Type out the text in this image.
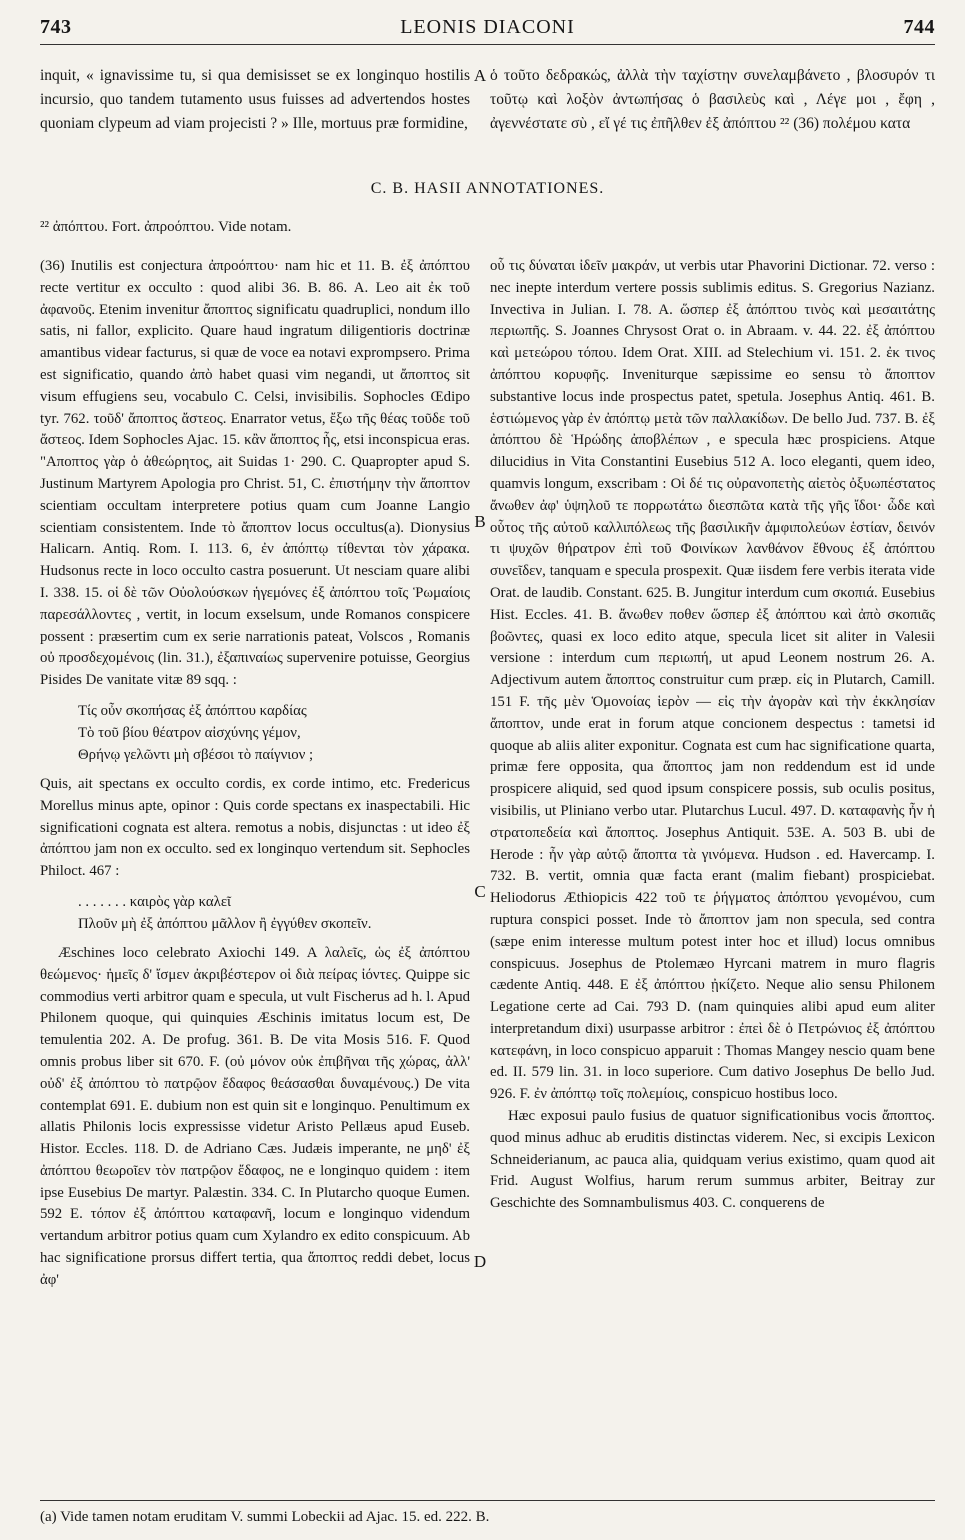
743	LEONIS DIACONI	744
inquit, « ignavissime tu, si qua demisisset se ex longinquo hostilis incursio, quo tandem tutamento usus fuisses ad advertendos hostes quoniam clypeum ad viam projecisti ? » Ille, mortuus præ formidine,
A ὁ τοῦτο δεδρακώς, ἀλλὰ τὴν ταχίστην συνελαμβάνετο , βλοσυρόν τι τοῦτῳ καὶ λοξὸν ἀντωπήσας ὁ βασιλεὺς καὶ , Λέγε μοι , ἔφη , ἀγεννέστατε σὺ , εἴ γέ τις ἐπῆλθεν ἐξ ἀπόπτου ²² (36) πολέμου κατα
C. B. HASII ANNOTATIONES.
²² ἀπόπτου. Fort. ἀπροόπτου. Vide notam.

(36) Inutilis est conjectura ἀπροόπτου· nam hic et 11. B. ἐξ ἀπόπτου recte vertitur ex occulto : quod alibi 36. B. 86. A. Leo ait ἐκ τοῦ ἀφανοῦς. Etenim invenitur ἄποπτος significatu quadruplici, nondum illo satis, ni fallor, explicito. Quare haud ingratum diligentioris doctrinæ amantibus videar facturus, si quæ de voce ea notavi exprompsero. Prima est significatio, quando ἀπὸ habet quasi vim negandi, ut ἄποπτος sit visum effugiens seu, vocabulo C. Celsi, invisibilis. Sophocles Œdipo tyr. 762. τοῦδ' ἄποπτος ἄστεος. Enarrator vetus, ἔξω τῆς θέας τοῦδε τοῦ ἄστεος. Idem Sophocles Ajac. 15. κἂν ἄποπτος ἧς, etsi inconspicua eras. "Αποπτος γὰρ ὁ ἀθεώρητος, ait Suidas 1· 290. C. Quapropter apud S. Justinum Martyrem Apologia pro Christ. 51, C. ἐπιστήμην τὴν ἄποπτον scientiam occultam interpretere potius quam cum Joanne Langio scientiam consistentem. Inde τὸ ἄποπτον locus occultus(a). Dionysius Halicarn. Antiq. Rom. I. 113. 6, ἐν ἀπόπτῳ τίθενται τὸν χάρακα. Hudsonus recte in loco occulto castra posuerunt. Ut nesciam quare alibi I. 338. 15. οἱ δὲ τῶν Οὐολούσκων ἡγεμόνες ἐξ ἀπόπτου τοῖς Ῥωμαίοις παρεσάλλοντες , vertit, in locum exselsum, unde Romanos conspicere possent : præsertim cum ex serie narrationis pateat, Volscos , Romanis οὐ προσδεχομένοις (lin. 31.), ἐξαπιναίως supervenire potuisse, Georgius Pisides De vanitate vitæ 89 sqq. :

Τίς οὖν σκοπήσας ἐξ ἀπόπτου καρδίας
Τὸ τοῦ βίου θέατρον αἰσχύνης γέμον,
Θρήνῳ γελῶντι μὴ σβέσοι τὸ παίγνιον ;

Quis, ait spectans ex occulto cordis, ex corde intimo, etc. Fredericus Morellus minus apte, opinor : Quis corde spectans ex inaspectabili. Hic significationi cognata est altera. remotus a nobis, disjunctas : ut ideo ἐξ ἀπόπτου jam non ex occulto. sed ex longinquo vertendum sit. Sephocles Philoct. 467 :

. . . . . . . καιρὸς γὰρ καλεῖ
Πλοῦν μὴ ἐξ ἀπόπτου μᾶλλον ἢ ἐγγύθεν σκοπεῖν.

Æschines loco celebrato Axiochi 149. A λαλεῖς, ὡς ἐξ ἀπόπτου θεώμενος· ἡμεῖς δ' ἴσμεν ἀκριβέστερον οἱ διὰ πείρας ἰόντες. Quippe sic commodius verti arbitror quam e specula, ut vult Fischerus ad h. l. Apud Philonem quoque, qui quinquies Æschinis imitatus locum est, De temulentia 202. A. De profug. 361. B. De vita Mosis 516. F. Quod omnis probus liber sit 670. F. (οὐ μόνον οὐκ ἐπιβῆναι τῆς χώρας, ἀλλ' οὐδ' ἐξ ἀπόπτου τὸ πατρῷον ἔδαφος θεάσασθαι δυναμένους.) De vita contemplat 691. E. dubium non est quin sit e longinquo. Penultimum ex allatis Philonis locis expressisse videtur Aristo Pellæus apud Euseb. Histor. Eccles. 118. D. de Adriano Cæs. Judæis imperante, ne μηδ' ἐξ ἀπόπτου θεωροῖεν τὸν πατρῷον ἔδαφος, ne e longinquo quidem : item ipse Eusebius De martyr. Palæstin. 334. C. In Plutarcho quoque Eumen. 592 E. τόπον ἐξ ἀπόπτου καταφανῆ, locum e longinquo videndum vertandum arbitror potius quam cum Xylandro ex edito conspicuum. Ab hac significatione prorsus differt tertia, qua ἄποπτος reddi debet, locus ἀφ'

B
C
D

οὗ τις δύναται ἰδεῖν μακράν, ut verbis utar Phavorini Dictionar. 72. verso : nec inepte interdum vertere possis sublimis editus. S. Gregorius Nazianz. Invectiva in Julian. I. 78. A. ὥσπερ ἐξ ἀπόπτου τινὸς καὶ μεσαιτάτης περιωπῆς. S. Joannes Chrysost Orat o. in Abraam. v. 44. 22. ἐξ ἀπόπτου καὶ μετεώρου τόπου. Idem Orat. XIII. ad Stelechium vi. 151. 2. ἐκ τινος ἀπόπτου κορυφῆς. Inveniturque sæpissime eo sensu τὸ ἄποπτον substantive locus inde prospectus patet, spetula. Josephus Antiq. 461. B. ἑστιώμενος γὰρ ἐν ἀπόπτῳ μετὰ τῶν παλλακίδων. De bello Jud. 737. B. ἐξ ἀπόπτου δὲ Ἡρώδης ἀποβλέπων , e specula hæc prospiciens. Atque dilucidius in Vita Constantini Eusebius 512 A. loco eleganti, quem ideo, quamvis longum, exscribam : Οἱ δέ τις οὐρανοπετὴς αἰετὸς ὀξυωπέστατος ἄνωθεν ἀφ' ὑψηλοῦ τε πορρωτάτω διεσπῶτα κατὰ τῆς γῆς ἴδοι· ὧδε καὶ οὗτος τῆς αὐτοῦ καλλιπόλεως τῆς βασιλικῆν ἀμφιπολεύων ἑστίαν, δεινόν τι ψυχῶν θήρατρον ἐπὶ τοῦ Φοινίκων λανθάνον ἔθνους ἐξ ἀπόπτου συνεῖδεν, tanquam e specula prospexit. Quæ iisdem fere verbis iterata vide Orat. de laudib. Constant. 625. B. Jungitur interdum cum σκοπιά. Eusebius Hist. Eccles. 41. B. ἄνωθεν ποθεν ὥσπερ ἐξ ἀπόπτου καὶ ἀπὸ σκοπιᾶς βοῶντες, quasi ex loco edito atque, specula licet sit aliter in Valesii versione : interdum cum περιωπή, ut apud Leonem nostrum 26. A. Adjectivum autem ἄποπτος construitur cum præp. εἰς in Plutarch, Camill. 151 F. τῆς μὲν Ὁμονοίας ἱερὸν — εἰς τὴν ἀγορὰν καὶ τὴν ἐκκλησίαν ἄποπτον, unde erat in forum atque concionem despectus : tametsi id quoque ab aliis aliter exponitur. Cognata est cum hac significatione quarta, primæ fere opposita, qua ἄποπτος jam non reddendum est id unde prospicere aliquid, sed quod ipsum conspicere possis, sub oculis positus, visibilis, ut Pliniano verbo utar. Plutarchus Lucul. 497. D. καταφανὴς ἦν ἡ στρατοπεδεία καὶ ἄποπτος. Josephus Antiquit. 53E. A. 503 B. ubi de Herode : ἦν γὰρ αὐτῷ ἄποπτα τὰ γινόμενα. Hudson . ed. Havercamp. I. 732. B. vertit, omnia quæ facta erant (malim fiebant) prospiciebat. Heliodorus Æthiopicis 422 τοῦ τε ῥήγματος ἀπόπτου γενομένου, cum ruptura conspici posset. Inde τὸ ἄποπτον jam non specula, sed contra (sæpe enim interesse multum potest inter hoc et illud) locus omnibus conspicuus. Josephus de Ptolemæo Hyrcani matrem in muro flagris cædente Antiq. 448. E ἐξ ἀπόπτου ᾐκίζετο. Neque alio sensu Philonem Legatione certe ad Cai. 793 D. (nam quinquies alibi apud eum aliter interpretandum dixi) usurpasse arbitror : ἐπεὶ δὲ ὁ Πετρώνιος ἐξ ἀπόπτου κατεφάνη, in loco conspicuo apparuit : Thomas Mangey nescio quam bene ed. II. 579 lin. 31. in loco superiore. Cum dativo Josephus De bello Jud. 926. F. ἐν ἀπόπτῳ τοῖς πολεμίοις, conspicuo hostibus loco.

Hæc exposui paulo fusius de quatuor significationibus vocis ἄποπτος. quod minus adhuc ab eruditis distinctas viderem. Nec, si excipis Lexicon Schneiderianum, ac pauca alia, quidquam verius existimo, quam quod ait Frid. August Wolfius, harum rerum summus arbiter, Beitray zur Geschichte des Somnambulismus 403. C. conquerens de

(a) Vide tamen notam eruditam V. summi Lobeckii ad Ajac. 15. ed. 222. B.
